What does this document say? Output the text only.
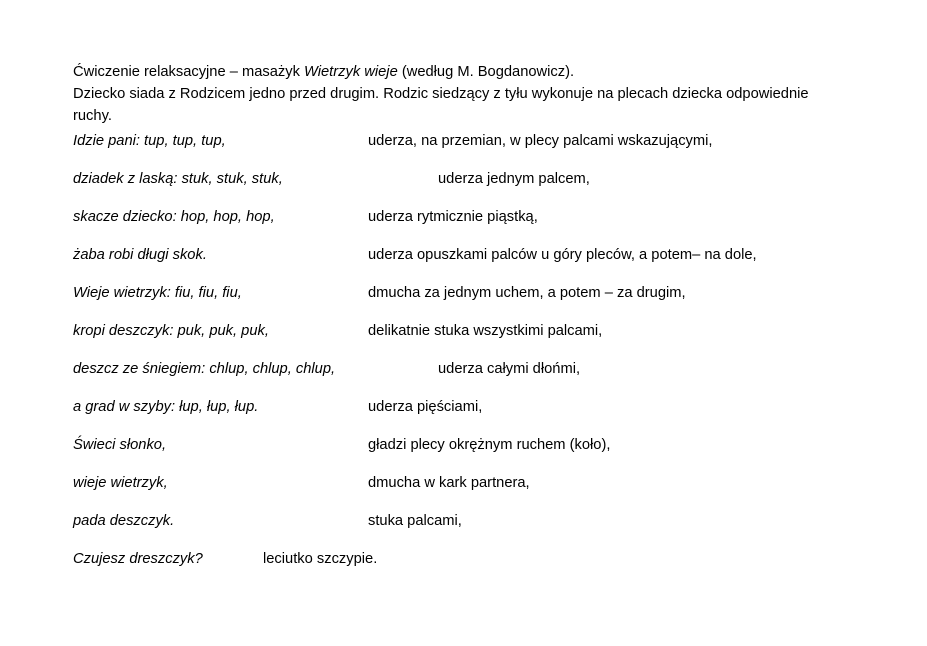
Ćwiczenie relaksacyjne – masażyk Wietrzyk wieje (według M. Bogdanowicz).
Dziecko siada z Rodzicem jedno przed drugim. Rodzic siedzący z tyłu wykonuje na plecach dziecka odpowiednie ruchy.
Idzie pani: tup, tup, tup,	uderza, na przemian, w plecy palcami wskazującymi,
dziadek z laską: stuk, stuk, stuk,	uderza jednym palcem,
skacze dziecko: hop, hop, hop,	uderza rytmicznie piąstką,
żaba robi długi skok.	uderza opuszkami palców u góry pleców, a potem– na dole,
Wieje wietrzyk: fiu, fiu, fiu,	dmucha za jednym uchem, a potem – za drugim,
kropi deszczyk: puk, puk, puk,	delikatnie stuka wszystkimi palcami,
deszcz ze śniegiem: chlup, chlup, chlup,	uderza całymi dłońmi,
a grad w szyby: łup, łup, łup.	uderza pięściami,
Świeci słonko,	gładzi plecy okrężnym ruchem (koło),
wieje wietrzyk,	dmucha w kark partnera,
pada deszczyk.	stuka palcami,
Czujesz dreszczyk?	leciutko szczypie.
